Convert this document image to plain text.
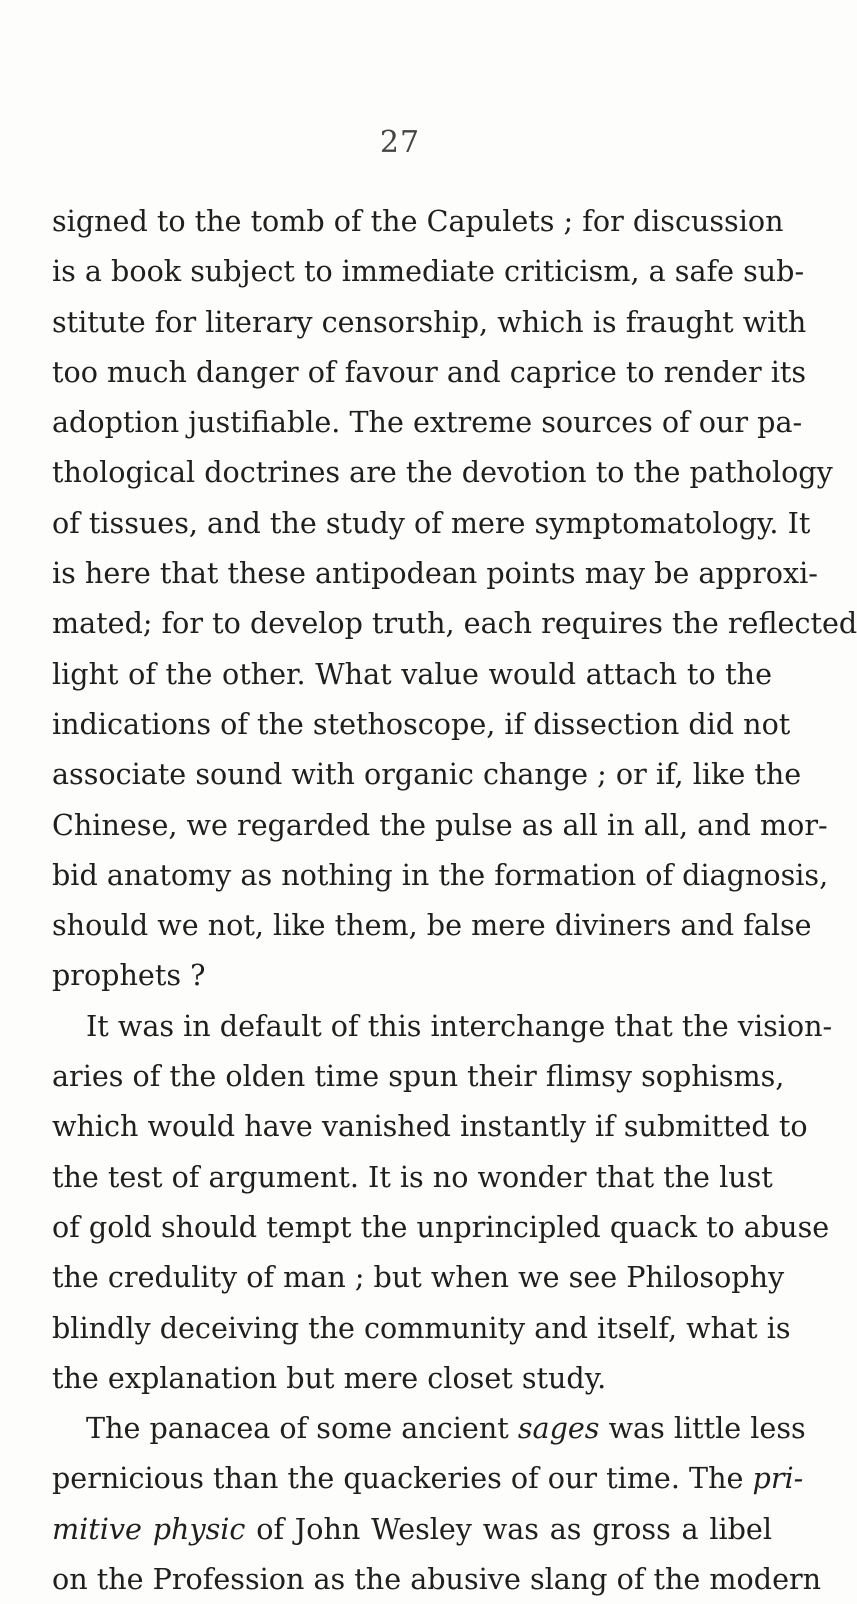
27
signed to the tomb of the Capulets ; for discussion
is a book subject to immediate criticism, a safe sub-
stitute for literary censorship, which is fraught with
too much danger of favour and caprice to render its
adoption justifiable. The extreme sources of our pa-
thological doctrines are the devotion to the pathology
of tissues, and the study of mere symptomatology. It
is here that these antipodean points may be approxi-
mated; for to develop truth, each requires the reflected
light of the other. What value would attach to the
indications of the stethoscope, if dissection did not
associate sound with organic change ; or if, like the
Chinese, we regarded the pulse as all in all, and mor-
bid anatomy as nothing in the formation of diagnosis,
should we not, like them, be mere diviners and false
prophets ?
It was in default of this interchange that the vision-
aries of the olden time spun their flimsy sophisms,
which would have vanished instantly if submitted to
the test of argument. It is no wonder that the lust
of gold should tempt the unprincipled quack to abuse
the credulity of man ; but when we see Philosophy
blindly deceiving the community and itself, what is
the explanation but mere closet study.
The panacea of some ancient sages was little less
pernicious than the quackeries of our time. The pri-
mitive physic of John Wesley was as gross a libel
on the Profession as the abusive slang of the modern
